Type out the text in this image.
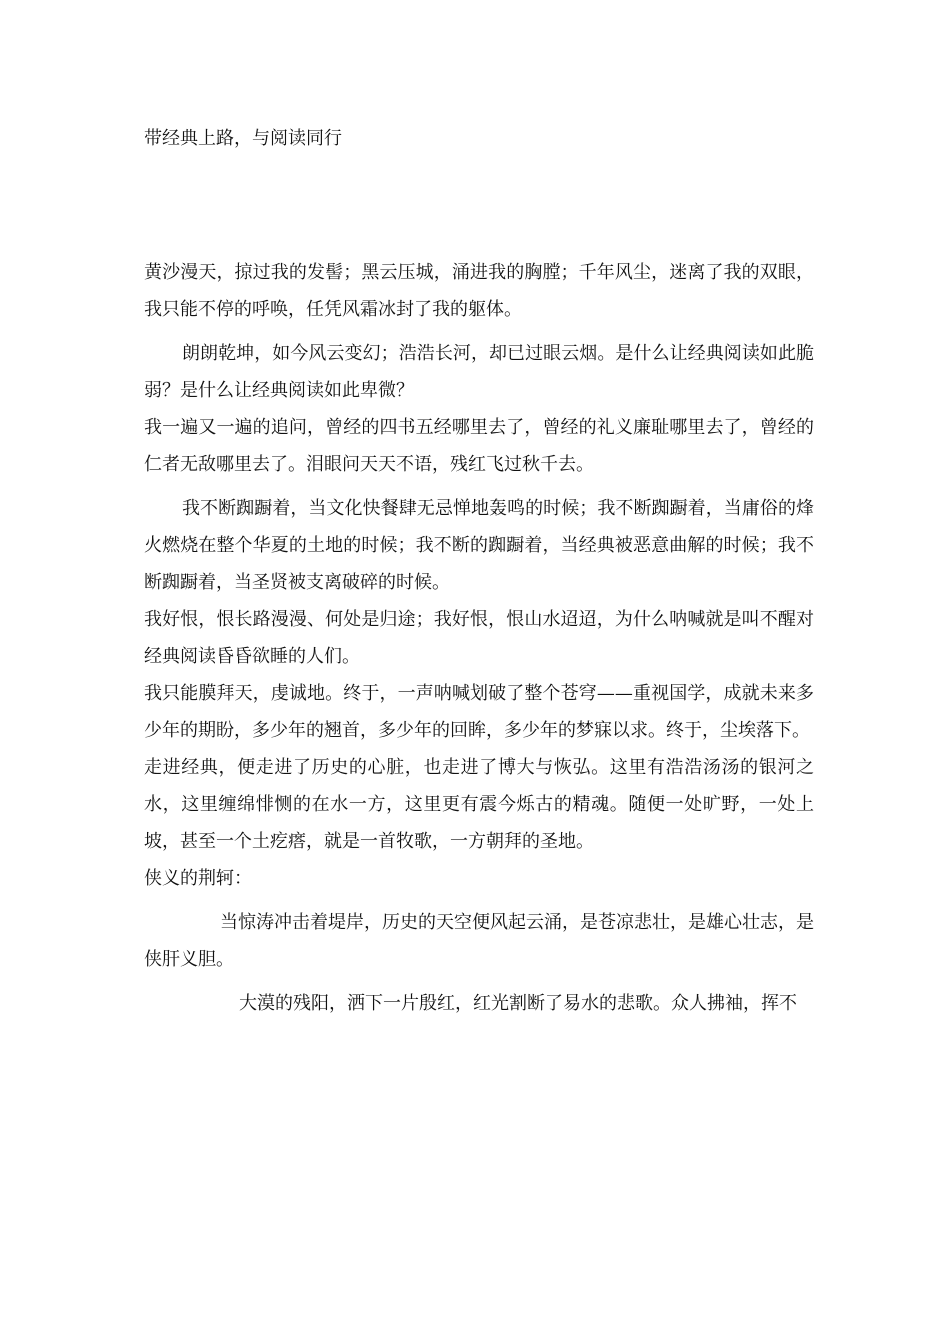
带经典上路，与阅读同行

黄沙漫天，掠过我的发髻；黑云压城，涌进我的胸膛；千年风尘，迷离了我的双眼，我只能不停的呼唤，任凭风霜冰封了我的躯体。

朗朗乾坤，如今风云变幻；浩浩长河，却已过眼云烟。是什么让经典阅读如此脆弱？是什么让经典阅读如此卑微？

我一遍又一遍的追问，曾经的四书五经哪里去了，曾经的礼义廉耻哪里去了，曾经的仁者无敌哪里去了。泪眼问天天不语，残红飞过秋千去。

我不断踟蹰着，当文化快餐肆无忌惮地轰鸣的时候；我不断踟蹰着，当庸俗的烽火燃烧在整个华夏的土地的时候；我不断的踟蹰着，当经典被恶意曲解的时候；我不断踟蹰着，当圣贤被支离破碎的时候。

我好恨，恨长路漫漫、何处是归途；我好恨，恨山水迢迢，为什么呐喊就是叫不醒对经典阅读昏昏欲睡的人们。

我只能膜拜天，虔诚地。终于，一声呐喊划破了整个苍穹——重视国学，成就未来多少年的期盼，多少年的翘首，多少年的回眸，多少年的梦寐以求。终于，尘埃落下。

走进经典，便走进了历史的心脏，也走进了博大与恢弘。这里有浩浩汤汤的银河之水，这里缠绵悱恻的在水一方，这里更有震今烁古的精魂。随便一处旷野，一处上坡，甚至一个土疙瘩，就是一首牧歌，一方朝拜的圣地。

侠义的荆轲：

当惊涛冲击着堤岸，历史的天空便风起云涌，是苍凉悲壮，是雄心壮志，是侠肝义胆。

大漠的残阳，洒下一片殷红，红光割断了易水的悲歌。众人拂袖，挥不
